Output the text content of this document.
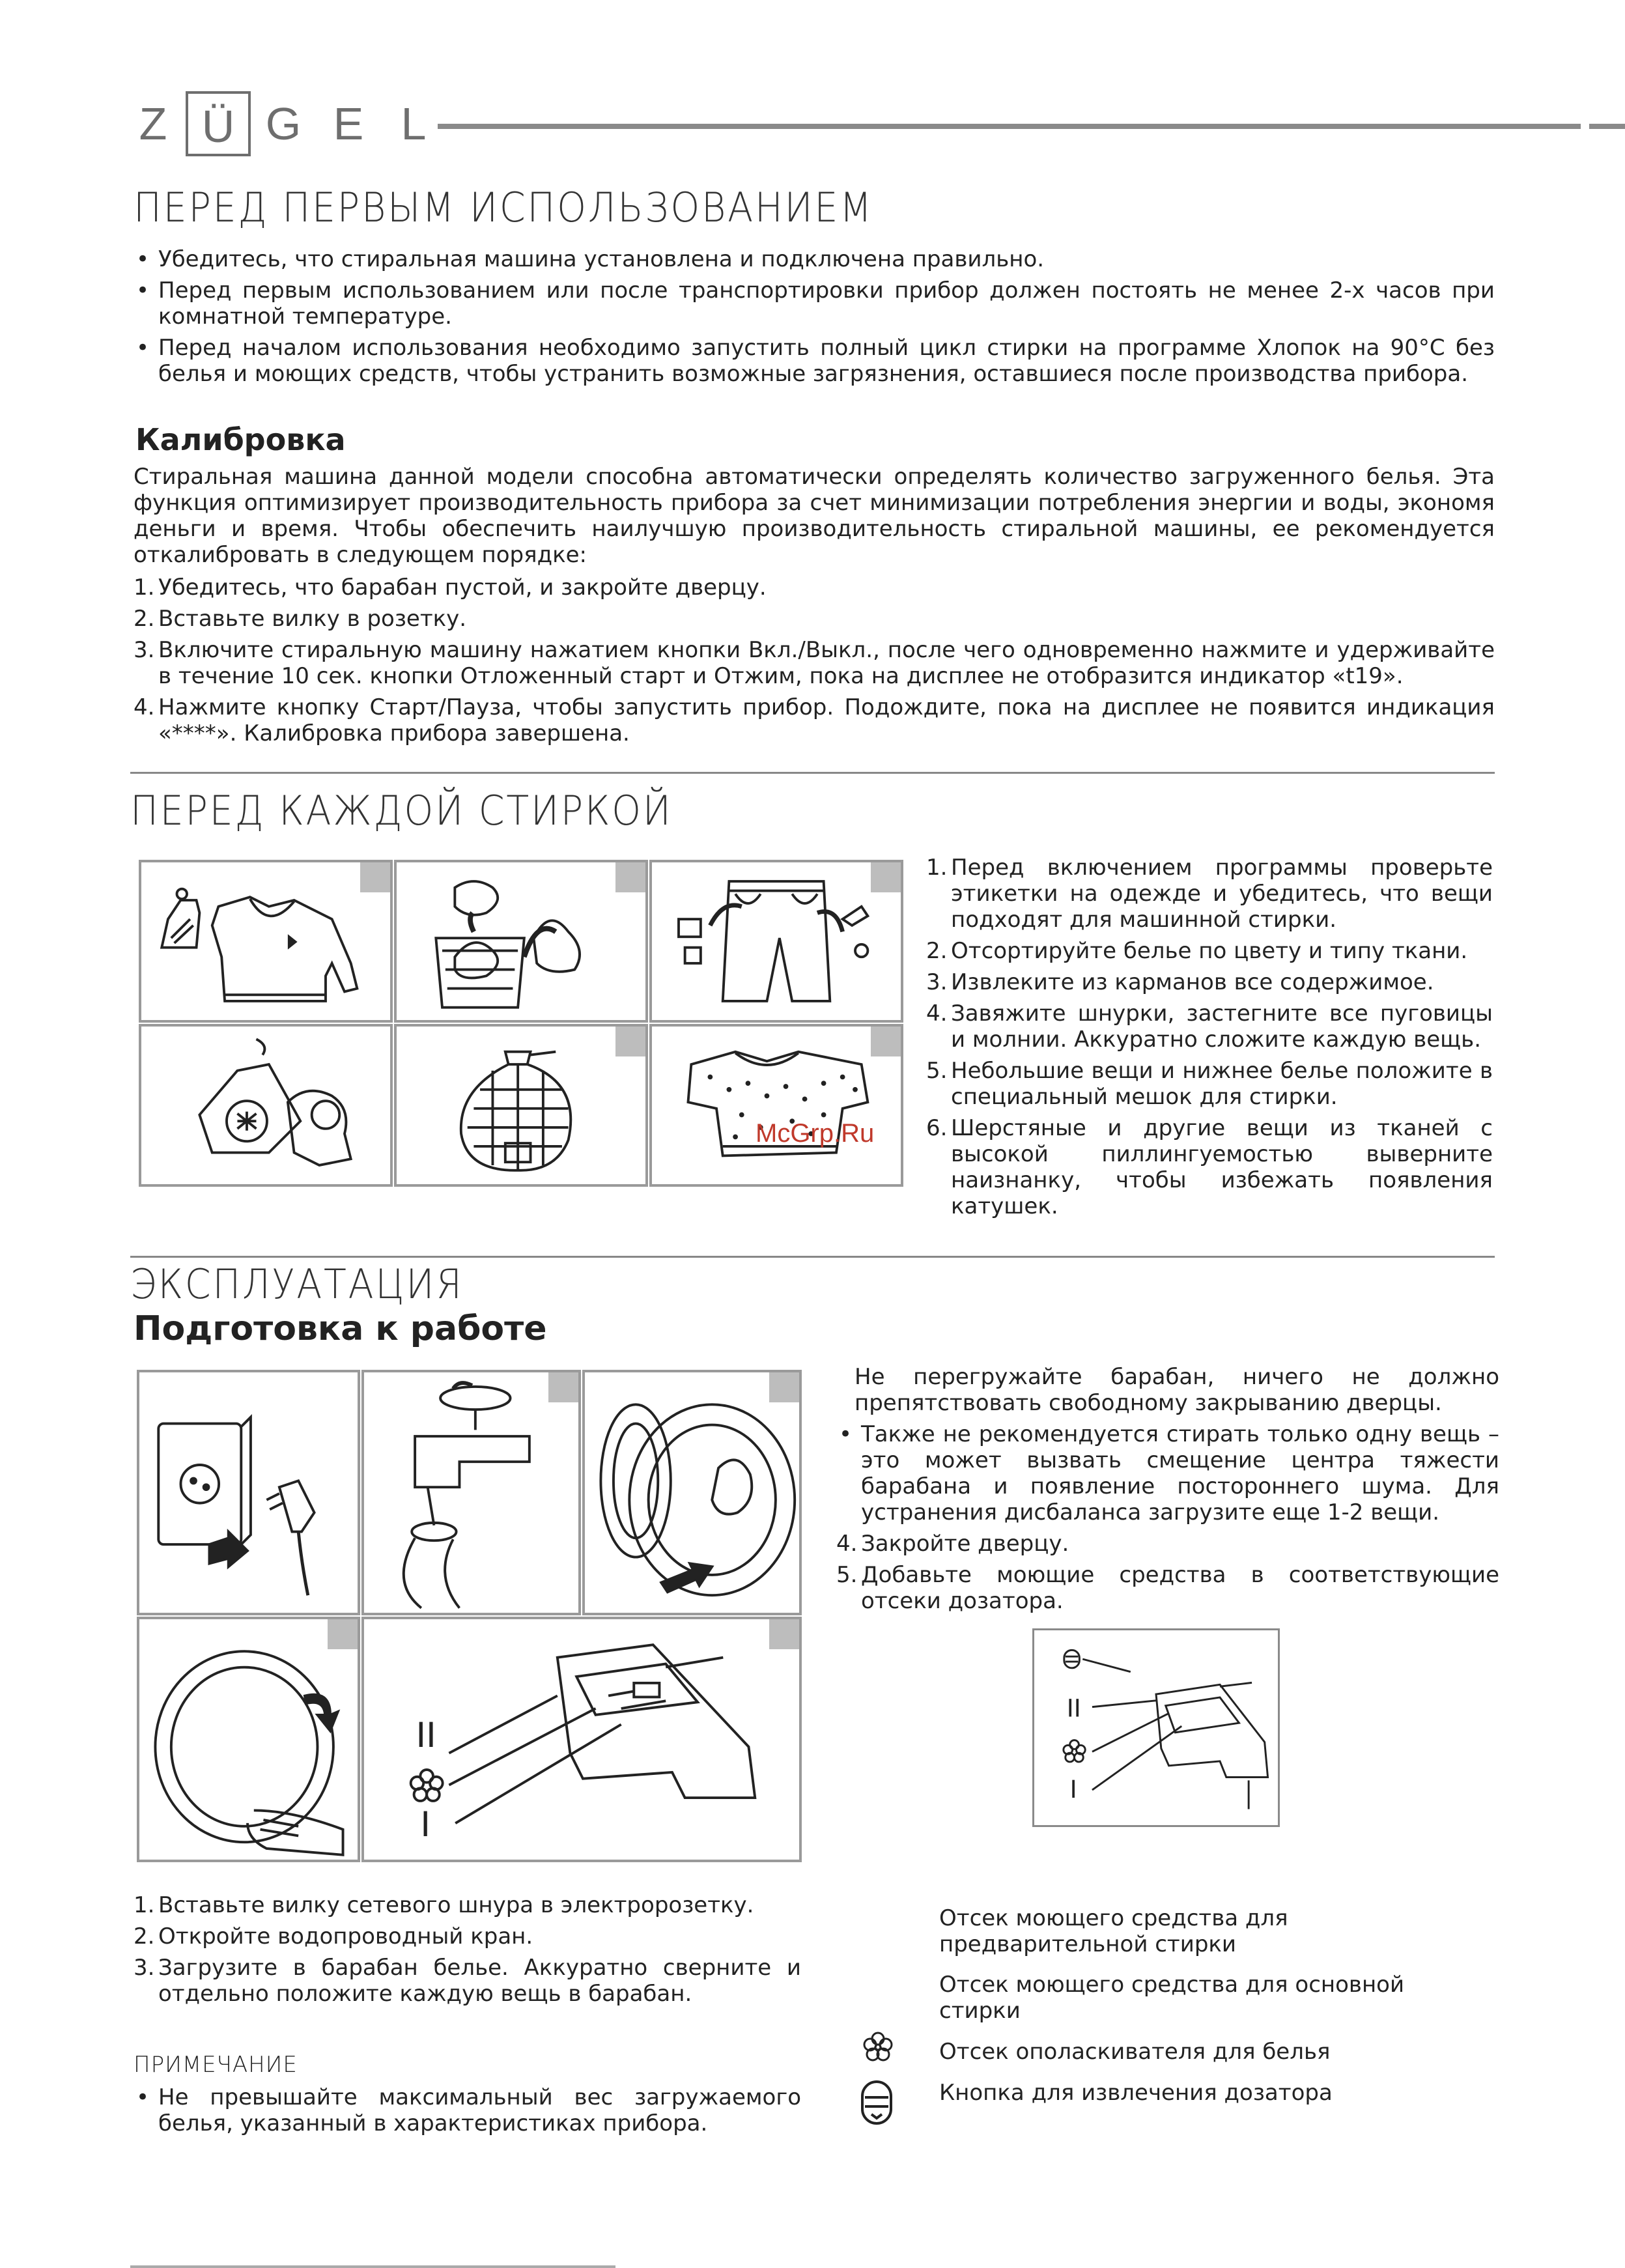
Z Ü G E L
ПЕРЕД ПЕРВЫМ ИСПОЛЬЗОВАНИЕМ
• Убедитесь, что стиральная машина установлена и подключена правильно.
• Перед первым использованием или после транспортировки прибор должен постоять не менее 2-х часов при комнатной температуре.
• Перед началом использования необходимо запустить полный цикл стирки на программе Хлопок на 90°С без белья и моющих средств, чтобы устранить возможные загрязнения, оставшиеся после производства прибора.
Калибровка
Стиральная машина данной модели способна автоматически определять количество загруженного белья. Эта функция оптимизирует производительность прибора за счет минимизации потребления энергии и воды, экономя деньги и время. Чтобы обеспечить наилучшую производительность стиральной машины, ее рекомендуется откалибровать в следующем порядке:
1. Убедитесь, что барабан пустой, и закройте дверцу.
2. Вставьте вилку в розетку.
3. Включите стиральную машину нажатием кнопки Вкл./Выкл., после чего одновременно нажмите и удерживайте в течение 10 сек. кнопки Отложенный старт и Отжим, пока на дисплее не отобразится индикатор «t19».
4. Нажмите кнопку Старт/Пауза, чтобы запустить прибор. Подождите, пока на дисплее не появится индикация «****». Калибровка прибора завершена.
ПЕРЕД КАЖДОЙ СТИРКОЙ
McGrp.Ru
1. Перед включением программы проверьте этикетки на одежде и убедитесь, что вещи подходят для машинной стирки.
2. Отсортируйте белье по цвету и типу ткани.
3. Извлеките из карманов все содержимое.
4. Завяжите шнурки, застегните все пуговицы и молнии. Аккуратно сложите каждую вещь.
5. Небольшие вещи и нижнее белье положите в специальный мешок для стирки.
6. Шерстяные и другие вещи из тканей с высокой пиллингуемостью выверните наизнанку, чтобы избежать появления катушек.
ЭКСПЛУАТАЦИЯ
Подготовка к работе
II
I

Не перегружайте барабан, ничего не должно препятствовать свободному закрыванию дверцы.

• Также не рекомендуется стирать только одну вещь – это может вызвать смещение центра тяжести барабана и появление постороннего шума. Для устранения дисбаланса загрузите еще 1-2 вещи.
4. Закройте дверцу.
5. Добавьте моющие средства в соответствующие отсеки дозатора.
II
I
1. Вставьте вилку сетевого шнура в электророзетку.
2. Откройте водопроводный кран.
3. Загрузите в барабан белье. Аккуратно сверните и отдельно положите каждую вещь в барабан.
ПРИМЕЧАНИЕ
• Не превышайте максимальный вес загружаемого белья, указанный в характеристиках прибора.
Отсек моющего средства для предварительной стирки
Отсек моющего средства для основной стирки
Отсек ополаскивателя для белья
Кнопка для извлечения дозатора
